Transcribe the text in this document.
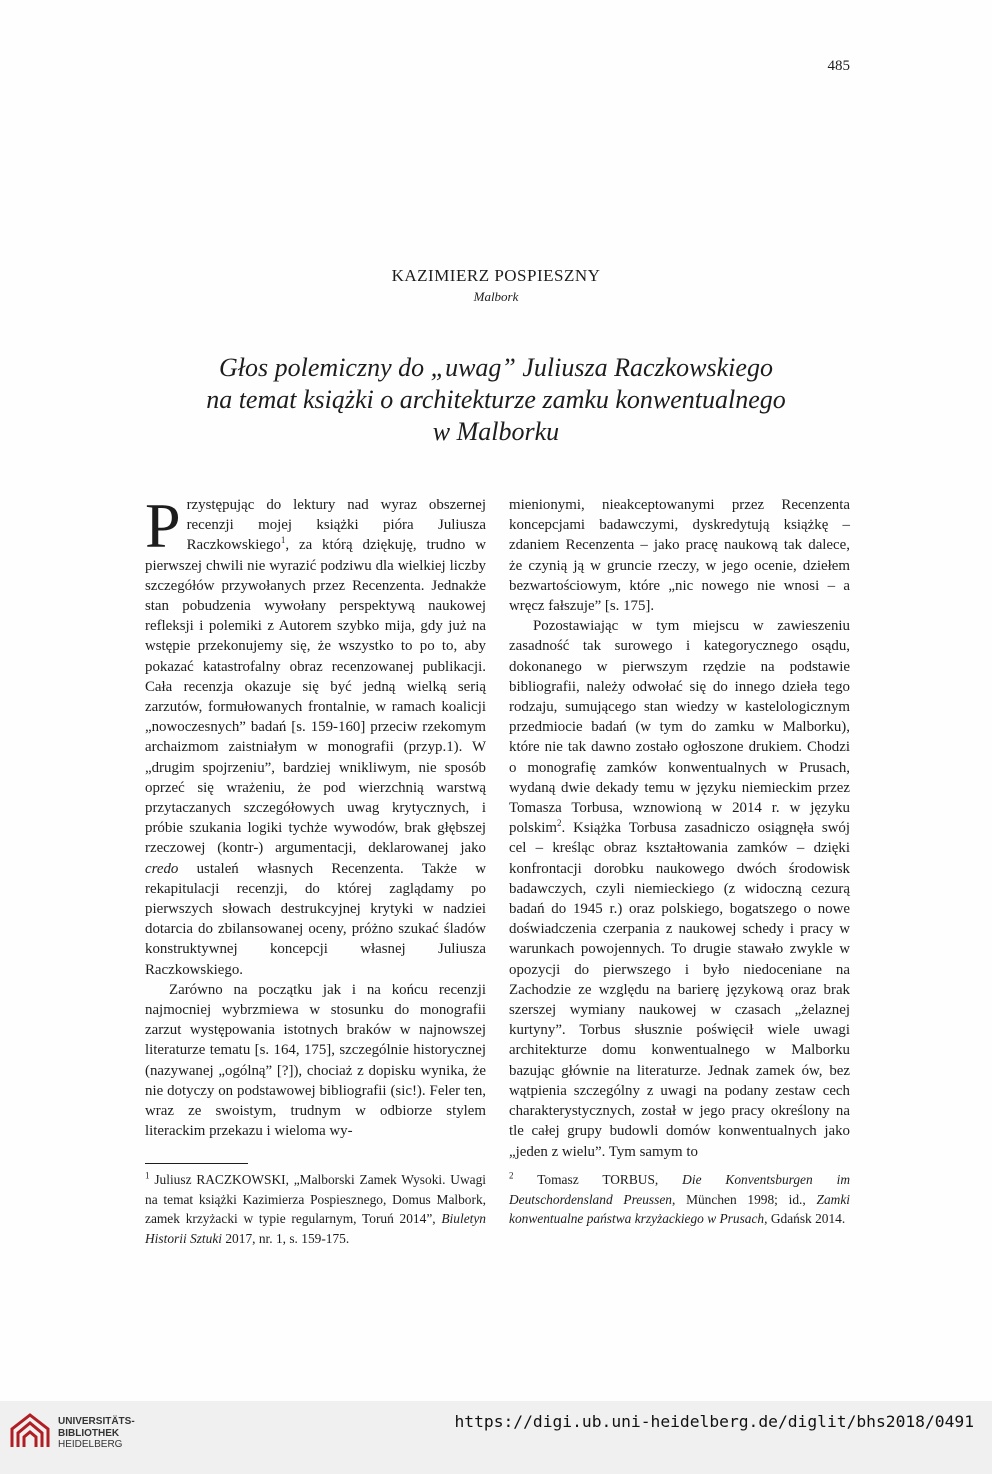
485
KAZIMIERZ POSPIESZNY
Malbork
Głos polemiczny do „uwag” Juliusza Raczkowskiego
na temat książki o architekturze zamku konwentualnego
w Malborku

Przystępując do lektury nad wyraz obszernej recenzji mojej książki pióra Juliusza Raczkowskiego$^1$, za którą dziękuję, trudno w pierwszej chwili nie wyrazić podziwu dla wielkiej liczby szczegółów przywołanych przez Recenzenta. Jednakże stan pobudzenia wywołany perspektywą naukowej refleksji i polemiki z Autorem szybko mija, gdy już na wstępie przekonujemy się, że wszystko to po to, aby pokazać katastrofalny obraz recenzowanej publikacji. Cała recenzja okazuje się być jedną wielką serią zarzutów, formułowanych frontalnie, w ramach koalicji „nowoczesnych” badań [s. 159-160] przeciw rzekomym archaizmom zaistniałym w monografii (przyp.1). W „drugim spojrzeniu”, bardziej wnikliwym, nie sposób oprzeć się wrażeniu, że pod wierzchnią warstwą przytaczanych szczegółowych uwag krytycznych, i próbie szukania logiki tychże wywodów, brak głębszej rzeczowej (kontr-) argumentacji, deklarowanej jako credo ustaleń własnych Recenzenta. Także w rekapitulacji recenzji, do której zaglądamy po pierwszych słowach destrukcyjnej krytyki w nadziei dotarcia do zbilansowanej oceny, próżno szukać śladów konstruktywnej koncepcji własnej Juliusza Raczkowskiego.

Zarówno na początku jak i na końcu recenzji najmocniej wybrzmiewa w stosunku do monografii zarzut występowania istotnych braków w najnowszej literaturze tematu [s. 164, 175], szczególnie historycznej (nazywanej „ogólną” [?]), chociaż z dopisku wynika, że nie dotyczy on podstawowej bibliografii (sic!). Feler ten, wraz ze swoistym, trudnym w odbiorze stylem literackim przekazu i wieloma wy-

mienionymi, nieakceptowanymi przez Recenzenta koncepcjami badawczymi, dyskredytują książkę – zdaniem Recenzenta – jako pracę naukową tak dalece, że czynią ją w gruncie rzeczy, w jego ocenie, dziełem bezwartościowym, które „nic nowego nie wnosi – a wręcz fałszuje” [s. 175].

Pozostawiając w tym miejscu w zawieszeniu zasadność tak surowego i kategorycznego osądu, dokonanego w pierwszym rzędzie na podstawie bibliografii, należy odwołać się do innego dzieła tego rodzaju, sumującego stan wiedzy w kastelologicznym przedmiocie badań (w tym do zamku w Malborku), które nie tak dawno zostało ogłoszone drukiem. Chodzi o monografię zamków konwentualnych w Prusach, wydaną dwie dekady temu w języku niemieckim przez Tomasza Torbusa, wznowioną w 2014 r. w języku polskim$^2$. Książka Torbusa zasadniczo osiągnęła swój cel – kreśląc obraz kształtowania zamków – dzięki konfrontacji dorobku naukowego dwóch środowisk badawczych, czyli niemieckiego (z widoczną cezurą badań do 1945 r.) oraz polskiego, bogatszego o nowe doświadczenia czerpania z naukowej schedy i pracy w warunkach powojennych. To drugie stawało zwykle w opozycji do pierwszego i było niedoceniane na Zachodzie ze względu na barierę językową oraz brak szerszej wymiany naukowej w czasach „żelaznej kurtyny”. Torbus słusznie poświęcił wiele uwagi architekturze domu konwentualnego w Malborku bazując głównie na literaturze. Jednak zamek ów, bez wątpienia szczególny z uwagi na podany zestaw cech charakterystycznych, został w jego pracy określony na tle całej grupy budowli domów konwentualnych jako „jeden z wielu”. Tym samym to

$^1$ Juliusz RACZKOWSKI, „Malborski Zamek Wysoki. Uwagi na temat książki Kazimierza Pospiesznego, Domus Malbork, zamek krzyżacki w typie regularnym, Toruń 2014”, Biuletyn Historii Sztuki 2017, nr. 1, s. 159-175.

$^2$ Tomasz TORBUS, Die Konventsburgen im Deutschordensland Preussen, München 1998; id., Zamki konwentualne państwa krzyżackiego w Prusach, Gdańsk 2014.

UNIVERSITÄTS-
BIBLIOTHEK
HEIDELBERG
https://digi.ub.uni-heidelberg.de/diglit/bhs2018/0491
